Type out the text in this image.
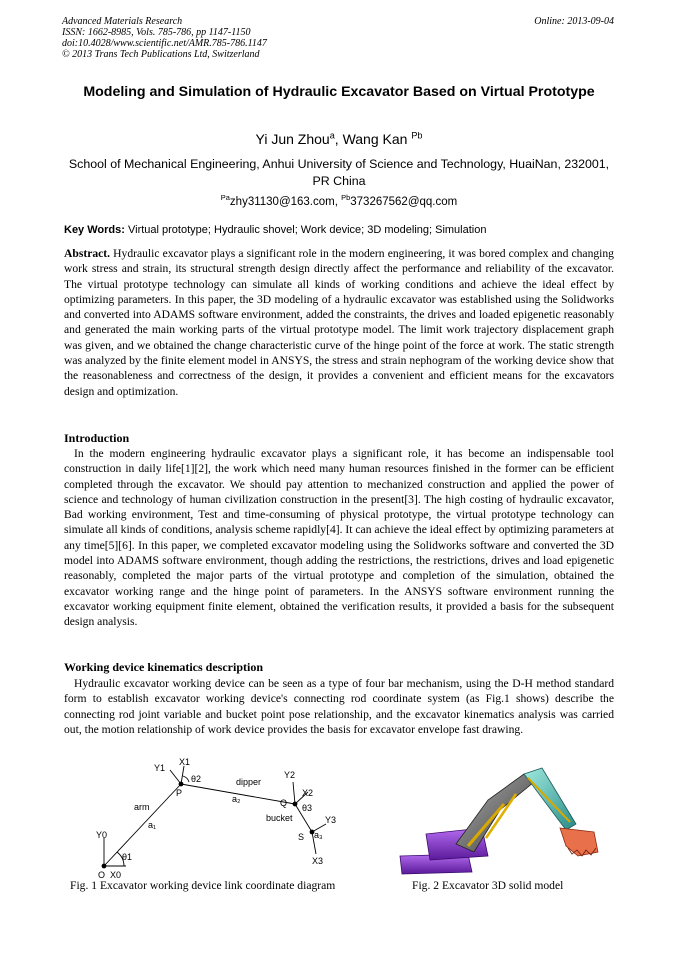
Advanced Materials Research
ISSN: 1662-8985, Vols. 785-786, pp 1147-1150
doi:10.4028/www.scientific.net/AMR.785-786.1147
© 2013 Trans Tech Publications Ltd, Switzerland
Online: 2013-09-04
Modeling and Simulation of Hydraulic Excavator Based on Virtual Prototype
Yi Jun Zhou$^a$, Wang Kan $^{Pb}$
School of Mechanical Engineering, Anhui University of Science and Technology, HuaiNan, 232001, PR China
$^{Pa}$zhy31130@163.com, $^{Pb}$373267562@qq.com
Key Words: Virtual prototype; Hydraulic shovel; Work device; 3D modeling; Simulation
Abstract. Hydraulic excavator plays a significant role in the modern engineering, it was bored complex and changing work stress and strain, its structural strength design directly affect the performance and reliability of the excavator. The virtual prototype technology can simulate all kinds of working conditions and achieve the ideal effect by optimizing parameters. In this paper, the 3D modeling of a hydraulic excavator was established using the Solidworks and converted into ADAMS software environment, added the constraints, the drives and loaded epigenetic reasonably and generated the main working parts of the virtual prototype model. The limit work trajectory displacement graph was given, and we obtained the change characteristic curve of the hinge point of the force at work. The static strength was analyzed by the finite element model in ANSYS, the stress and strain nephogram of the working device show that the reasonableness and correctness of the design, it provides a convenient and efficient means for the excavators design and optimization.
Introduction
In the modern engineering hydraulic excavator plays a significant role, it has become an indispensable tool construction in daily life[1][2], the work which need many human resources finished in the former can be efficient completed through the excavator. We should pay attention to mechanized construction and applied the power of science and technology of human civilization construction in the present[3]. The high costing of hydraulic excavator, Bad working environment, Test and time-consuming of physical prototype, the virtual prototype technology can simulate all kinds of conditions, analysis scheme rapidly[4]. It can achieve the ideal effect by optimizing parameters at any time[5][6]. In this paper, we completed excavator modeling using the Solidworks software and converted the 3D model into ADAMS software environment, though adding the restrictions, the restrictions, drives and load epigenetic reasonably, completed the major parts of the virtual prototype and completion of the simulation, obtained the excavator working range and the hinge point of parameters. In the ANSYS software environment running the excavator working equipment finite element, obtained the verification results, it provided a basis for the subsequent design analysis.
Working device kinematics description
Hydraulic excavator working device can be seen as a type of four bar mechanism, using the D-H method standard form to establish excavator working device's connecting rod coordinate system (as Fig.1 shows) describe the connecting rod joint variable and bucket point pose relationship, and the excavator kinematics analysis was carried out, the motion relationship of work device provides the basis for excavator envelope fast drawing.
Y1
X1
θ2
P
dipper
Y2
X2
Q θ3
Y3
a₂
arm
bucket
a₁
S a₃
Y0
θ1
O X0
X3
Fig. 1 Excavator working device link coordinate diagram	Fig. 2 Excavator 3D solid model
